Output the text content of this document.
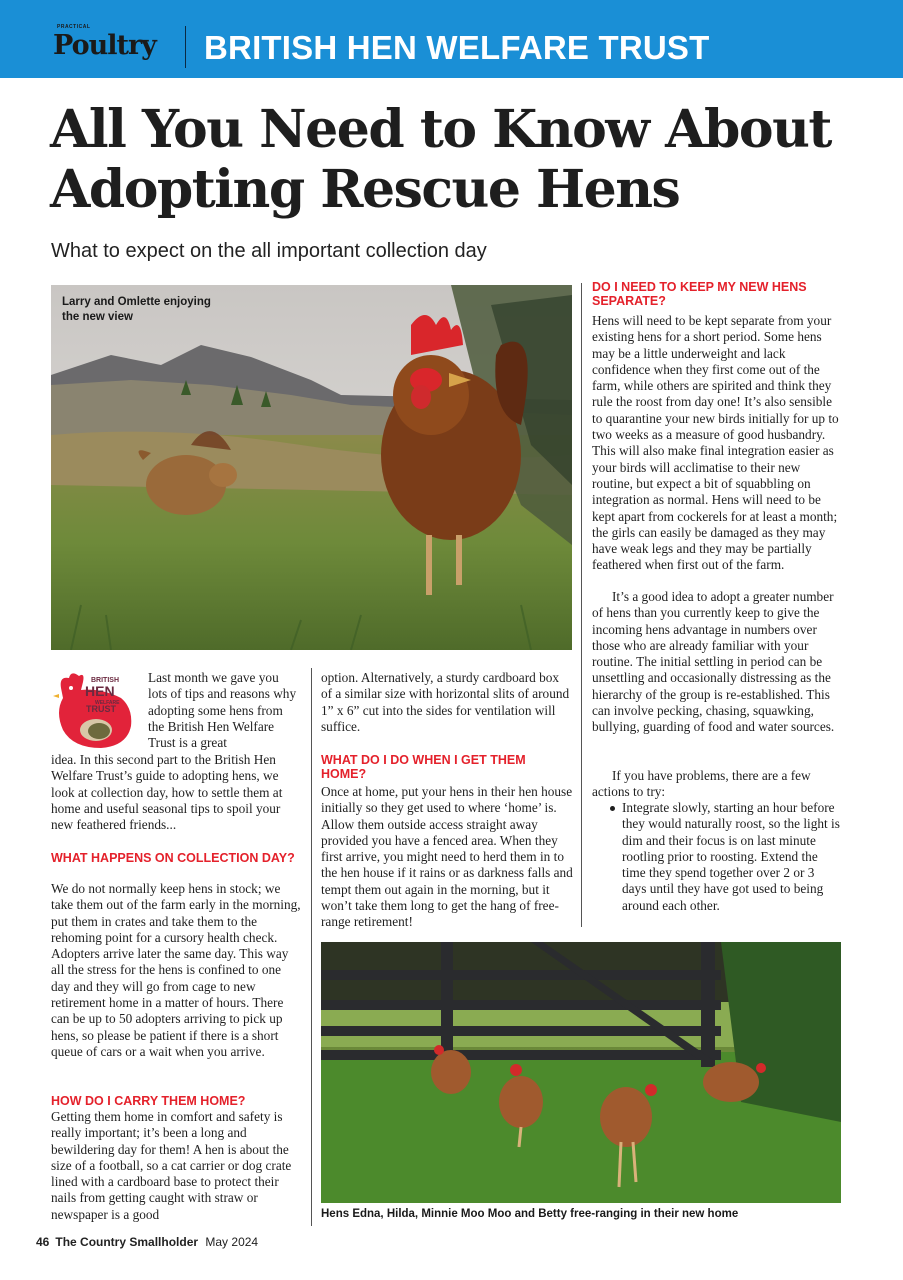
PRACTICAL
Poultry BRITISH HEN WELFARE TRUST
All You Need to Know About Adopting Rescue Hens
What to expect on the all important collection day
Larry and Omlette enjoying the new view
BRITISH
HEN
WELFARE
TRUST
Last month we gave you lots of tips and reasons why adopting some hens from the British Hen Welfare Trust is a great
idea. In this second part to the British Hen Welfare Trust’s guide to adopting hens, we look at collection day, how to settle them at home and useful seasonal tips to spoil your new feathered friends...
WHAT HAPPENS ON COLLECTION DAY?
We do not normally keep hens in stock; we take them out of the farm early in the morning, put them in crates and take them to the rehoming point for a cursory health check. Adopters arrive later the same day. This way all the stress for the hens is confined to one day and they will go from cage to new retirement home in a matter of hours. There can be up to 50 adopters arriving to pick up hens, so please be patient if there is a short queue of cars or a wait when you arrive.
HOW DO I CARRY THEM HOME?
Getting them home in comfort and safety is really important; it’s been a long and bewildering day for them! A hen is about the size of a football, so a cat carrier or dog crate lined with a cardboard base to protect their nails from getting caught with straw or newspaper is a good
option. Alternatively, a sturdy cardboard box of a similar size with horizontal slits of around 1” x 6” cut into the sides for ventilation will suffice.
WHAT DO I DO WHEN I GET THEM HOME?
Once at home, put your hens in their hen house initially so they get used to where ‘home’ is. Allow them outside access straight away provided you have a fenced area. When they first arrive, you might need to herd them in to the hen house if it rains or as darkness falls and tempt them out again in the morning, but it won’t take them long to get the hang of free-range retirement!
DO I NEED TO KEEP MY NEW HENS SEPARATE?
Hens will need to be kept separate from your existing hens for a short period. Some hens may be a little underweight and lack confidence when they first come out of the farm, while others are spirited and think they rule the roost from day one! It’s also sensible to quarantine your new birds initially for up to two weeks as a measure of good husbandry. This will also make final integration easier as your birds will acclimatise to their new routine, but expect a bit of squabbling on integration as normal. Hens will need to be kept apart from cockerels for at least a month; the girls can easily be damaged as they may have weak legs and they may be partially feathered when first out of the farm.
It’s a good idea to adopt a greater number of hens than you currently keep to give the incoming hens advantage in numbers over those who are already familiar with your routine. The initial settling in period can be unsettling and occasionally distressing as the hierarchy of the group is re-established. This can involve pecking, chasing, squawking, bullying, guarding of food and water sources.
If you have problems, there are a few actions to try:
Integrate slowly, starting an hour before they would naturally roost, so the light is dim and their focus is on last minute rootling prior to roosting. Extend the time they spend together over 2 or 3 days until they have got used to being around each other.
Hens Edna, Hilda, Minnie Moo Moo and Betty free-ranging in their new home
46 The Country Smallholder May 2024
